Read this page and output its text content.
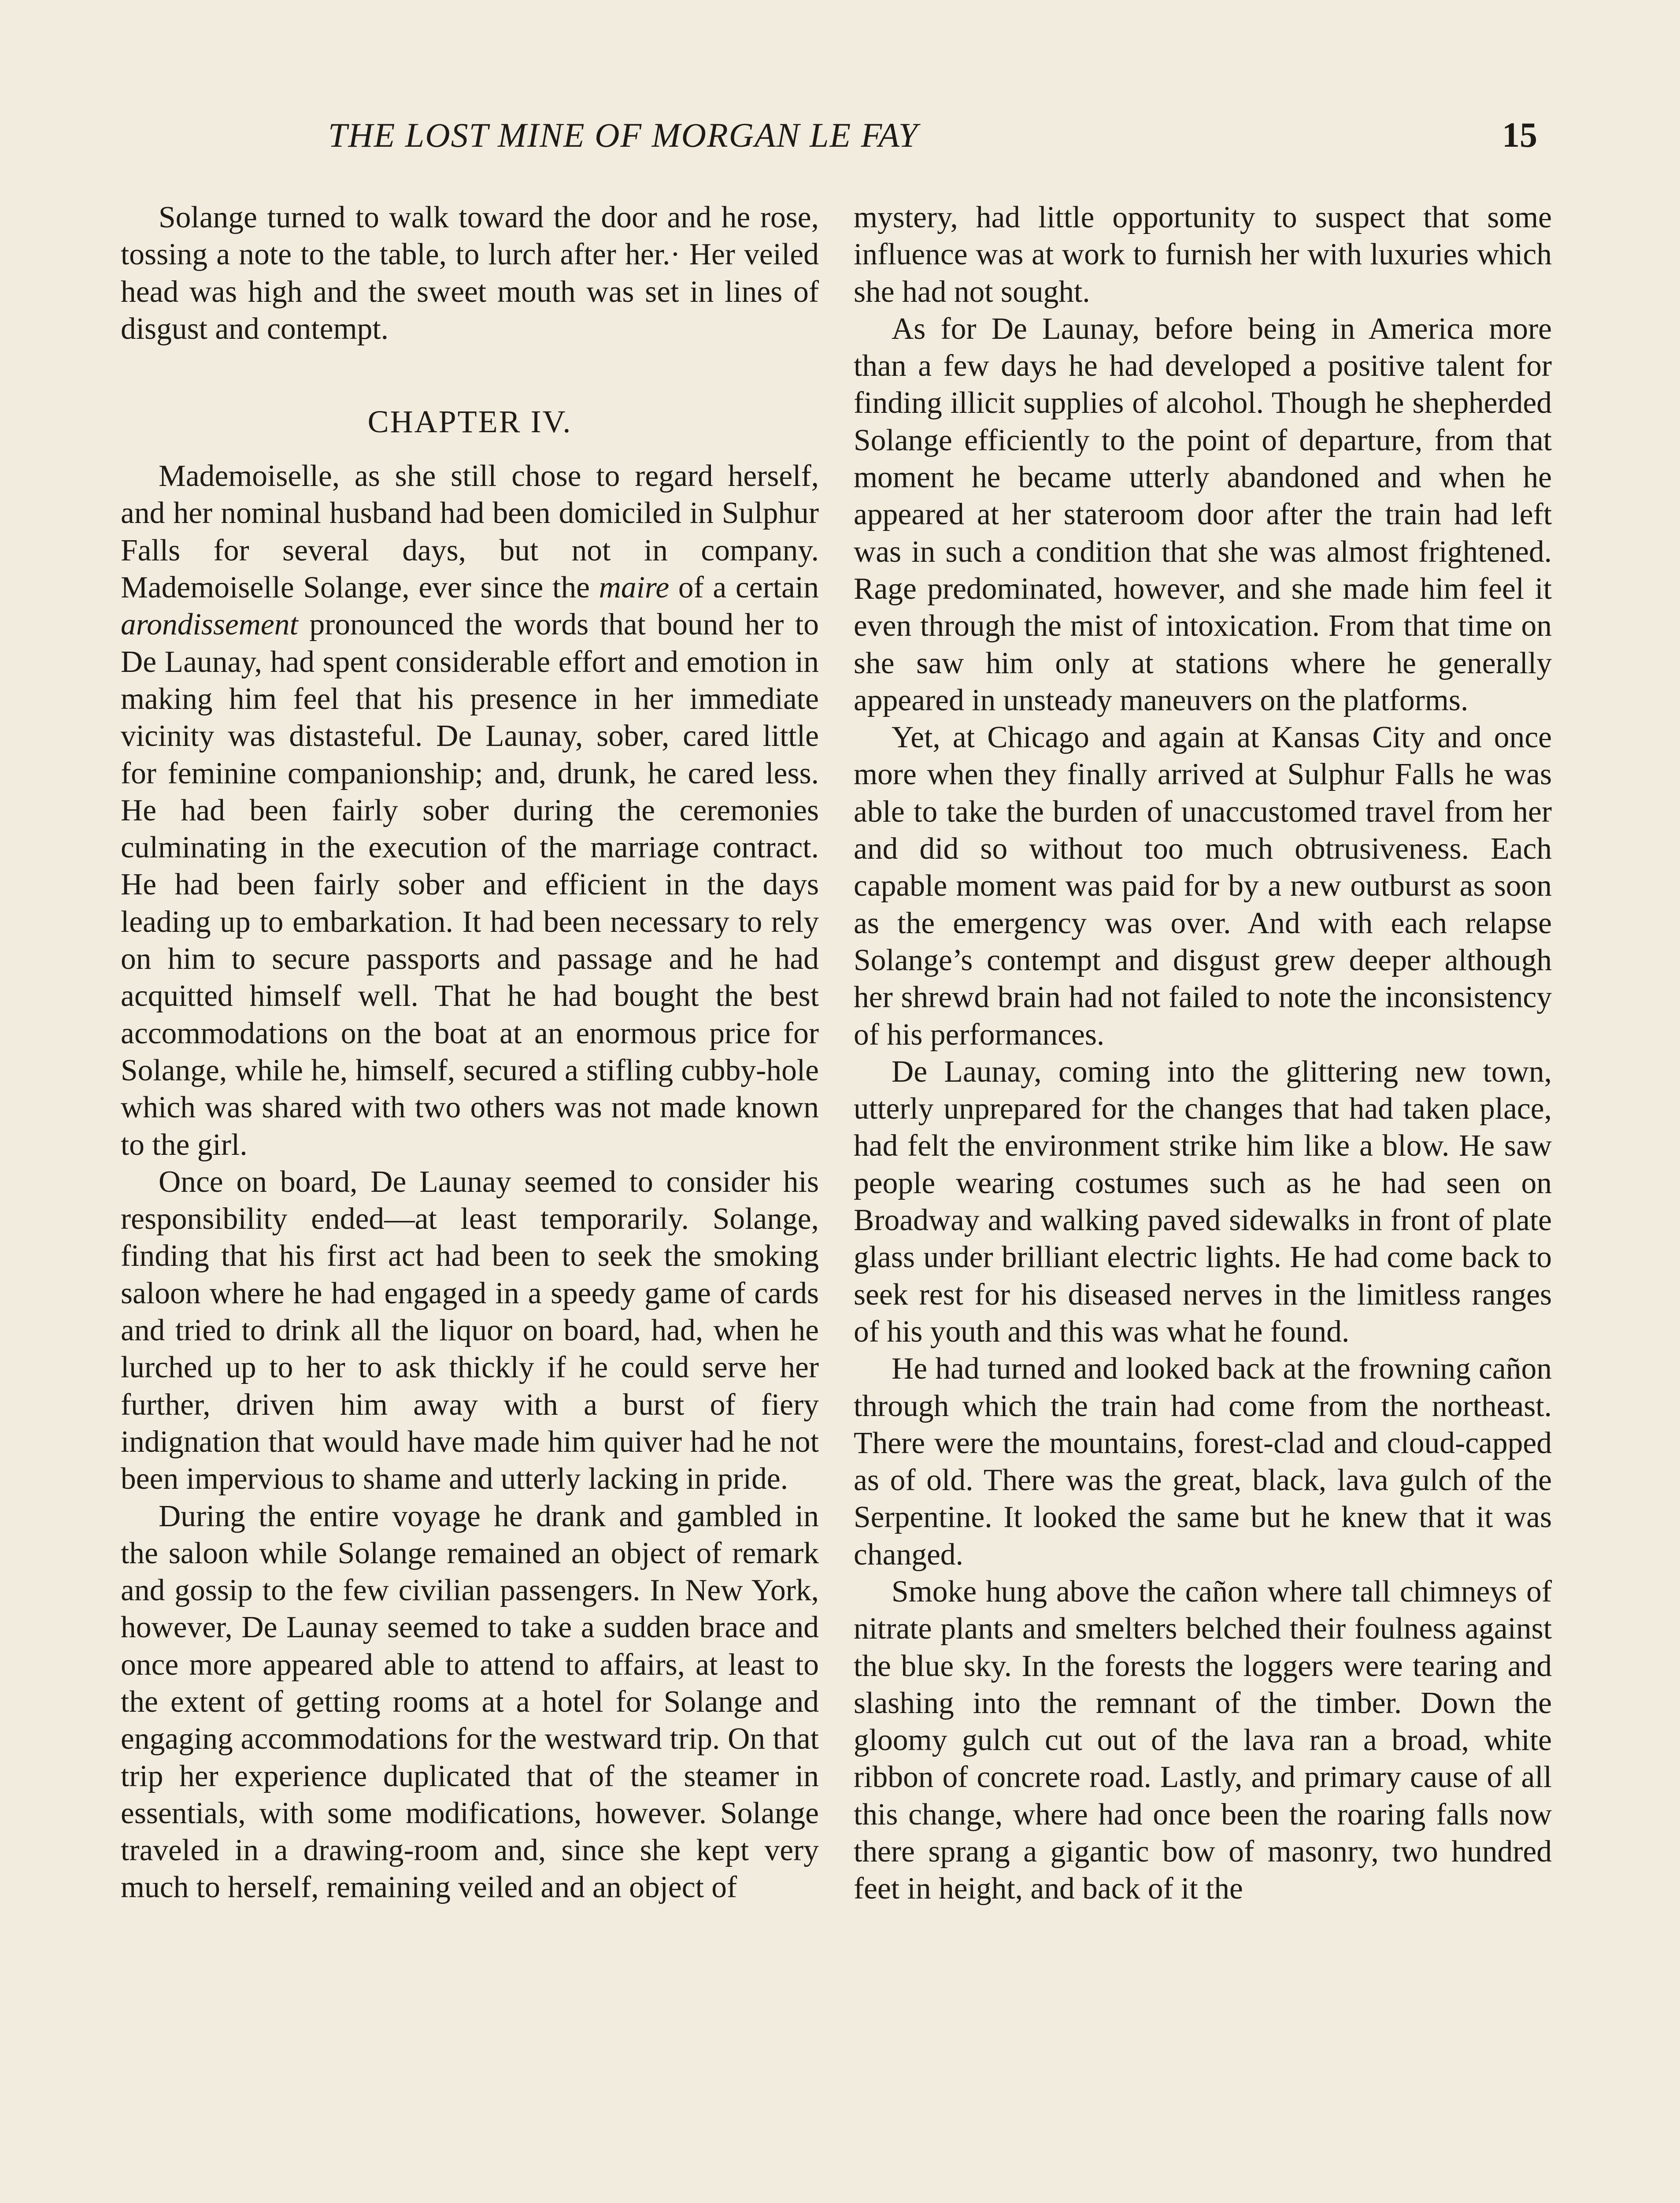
THE LOST MINE OF MORGAN LE FAY	15

Solange turned to walk toward the door and he rose, tossing a note to the table, to lurch after her.· Her veiled head was high and the sweet mouth was set in lines of disgust and contempt.

CHAPTER IV.

Mademoiselle, as she still chose to regard herself, and her nominal husband had been domiciled in Sulphur Falls for several days, but not in company. Mademoiselle Solange, ever since the maire of a certain arondissement pronounced the words that bound her to De Launay, had spent considerable effort and emotion in making him feel that his presence in her immediate vicinity was distasteful. De Launay, sober, cared little for feminine companionship; and, drunk, he cared less. He had been fairly sober during the ceremonies culminating in the execution of the marriage contract. He had been fairly sober and efficient in the days leading up to embarkation. It had been necessary to rely on him to secure passports and passage and he had acquitted himself well. That he had bought the best accommodations on the boat at an enormous price for Solange, while he, himself, secured a stifling cubby-hole which was shared with two others was not made known to the girl.

Once on board, De Launay seemed to consider his responsibility ended—at least temporarily. Solange, finding that his first act had been to seek the smoking saloon where he had engaged in a speedy game of cards and tried to drink all the liquor on board, had, when he lurched up to her to ask thickly if he could serve her further, driven him away with a burst of fiery indignation that would have made him quiver had he not been impervious to shame and utterly lacking in pride.

During the entire voyage he drank and gambled in the saloon while Solange remained an object of remark and gossip to the few civilian passengers. In New York, however, De Launay seemed to take a sudden brace and once more appeared able to attend to affairs, at least to the extent of getting rooms at a hotel for Solange and engaging accommodations for the westward trip. On that trip her experience duplicated that of the steamer in essentials, with some modifications, however. Solange traveled in a drawing-room and, since she kept very much to herself, remaining veiled and an object of

mystery, had little opportunity to suspect that some influence was at work to furnish her with luxuries which she had not sought.

As for De Launay, before being in America more than a few days he had developed a positive talent for finding illicit supplies of alcohol. Though he shepherded Solange efficiently to the point of departure, from that moment he became utterly abandoned and when he appeared at her stateroom door after the train had left was in such a condition that she was almost frightened. Rage predominated, however, and she made him feel it even through the mist of intoxication. From that time on she saw him only at stations where he generally appeared in unsteady maneuvers on the platforms.

Yet, at Chicago and again at Kansas City and once more when they finally arrived at Sulphur Falls he was able to take the burden of unaccustomed travel from her and did so without too much obtrusiveness. Each capable moment was paid for by a new outburst as soon as the emergency was over. And with each relapse Solange’s contempt and disgust grew deeper although her shrewd brain had not failed to note the inconsistency of his performances.

De Launay, coming into the glittering new town, utterly unprepared for the changes that had taken place, had felt the environment strike him like a blow. He saw people wearing costumes such as he had seen on Broadway and walking paved sidewalks in front of plate glass under brilliant electric lights. He had come back to seek rest for his diseased nerves in the limitless ranges of his youth and this was what he found.

He had turned and looked back at the frowning cañon through which the train had come from the northeast. There were the mountains, forest-clad and cloud-capped as of old. There was the great, black, lava gulch of the Serpentine. It looked the same but he knew that it was changed.

Smoke hung above the cañon where tall chimneys of nitrate plants and smelters belched their foulness against the blue sky. In the forests the loggers were tearing and slashing into the remnant of the timber. Down the gloomy gulch cut out of the lava ran a broad, white ribbon of concrete road. Lastly, and primary cause of all this change, where had once been the roaring falls now there sprang a gigantic bow of masonry, two hundred feet in height, and back of it the
